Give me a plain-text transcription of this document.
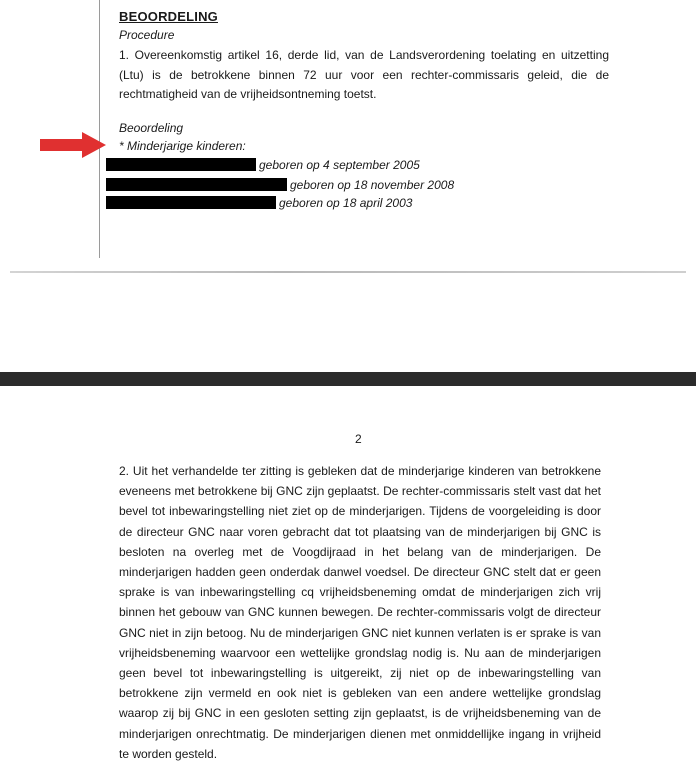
BEOORDELING
Procedure
1. Overeenkomstig artikel 16, derde lid, van de Landsverordening toelating en uitzetting (Ltu) is de betrokkene binnen 72 uur voor een rechter-commissaris geleid, die de rechtmatigheid van de vrijheidsontneming toetst.
Beoordeling
* Minderjarige kinderen:
geboren op 4 september 2005
geboren op 18 november 2008
geboren op 18 april 2003
2
2. Uit het verhandelde ter zitting is gebleken dat de minderjarige kinderen van betrokkene eveneens met betrokkene bij GNC zijn geplaatst. De rechter-commissaris stelt vast dat het bevel tot inbewaringstelling niet ziet op de minderjarigen. Tijdens de voorgeleiding is door de directeur GNC naar voren gebracht dat tot plaatsing van de minderjarigen bij GNC is besloten na overleg met de Voogdijraad in het belang van de minderjarigen. De minderjarigen hadden geen onderdak danwel voedsel. De directeur GNC stelt dat er geen sprake is van inbewaringstelling cq vrijheidsbeneming omdat de minderjarigen zich vrij binnen het gebouw van GNC kunnen bewegen. De rechter-commissaris volgt de directeur GNC niet in zijn betoog. Nu de minderjarigen GNC niet kunnen verlaten is er sprake is van vrijheidsbeneming waarvoor een wettelijke grondslag nodig is. Nu aan de minderjarigen geen bevel tot inbewaringstelling is uitgereikt, zij niet op de inbewaringstelling van betrokkene zijn vermeld en ook niet is gebleken van een andere wettelijke grondslag waarop zij bij GNC in een gesloten setting zijn geplaatst, is de vrijheidsbeneming van de minderjarigen onrechtmatig. De minderjarigen dienen met onmiddellijke ingang in vrijheid te worden gesteld.
